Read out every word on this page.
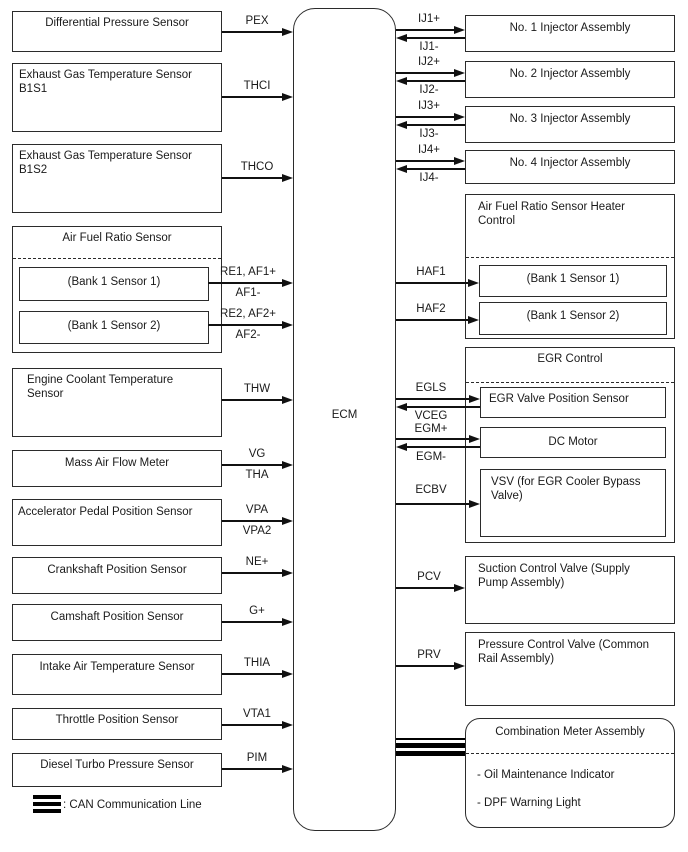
ECM
Differential Pressure Sensor
Exhaust Gas Temperature Sensor B1S1
Exhaust Gas Temperature Sensor B1S2
Air Fuel Ratio Sensor
(Bank 1 Sensor 1)
(Bank 1 Sensor 2)
Engine Coolant Temperature Sensor
Mass Air Flow Meter
Accelerator Pedal Position Sensor
Crankshaft Position Sensor
Camshaft Position Sensor
Intake Air Temperature Sensor
Throttle Position Sensor
Diesel Turbo Pressure Sensor
PEX
THCI
THCO
RE1, AF1+
AF1-
RE2, AF2+
AF2-
THW
VG
THA
VPA
VPA2
NE+
G+
THIA
VTA1
PIM
No. 1 Injector Assembly
No. 2 Injector Assembly
No. 3 Injector Assembly
No. 4 Injector Assembly
Air Fuel Ratio Sensor Heater Control
(Bank 1 Sensor 1)
(Bank 1 Sensor 2)
EGR Control
EGR Valve Position Sensor
DC Motor
VSV (for EGR Cooler Bypass Valve)
Suction Control Valve (Supply Pump Assembly)
Pressure Control Valve (Common Rail Assembly)
Combination Meter Assembly
- Oil Maintenance Indicator
- DPF Warning Light
IJ1+
IJ1-
IJ2+
IJ2-
IJ3+
IJ3-
IJ4+
IJ4-
HAF1
HAF2
EGLS
VCEG
EGM+
EGM-
ECBV
PCV
PRV
: CAN Communication Line
